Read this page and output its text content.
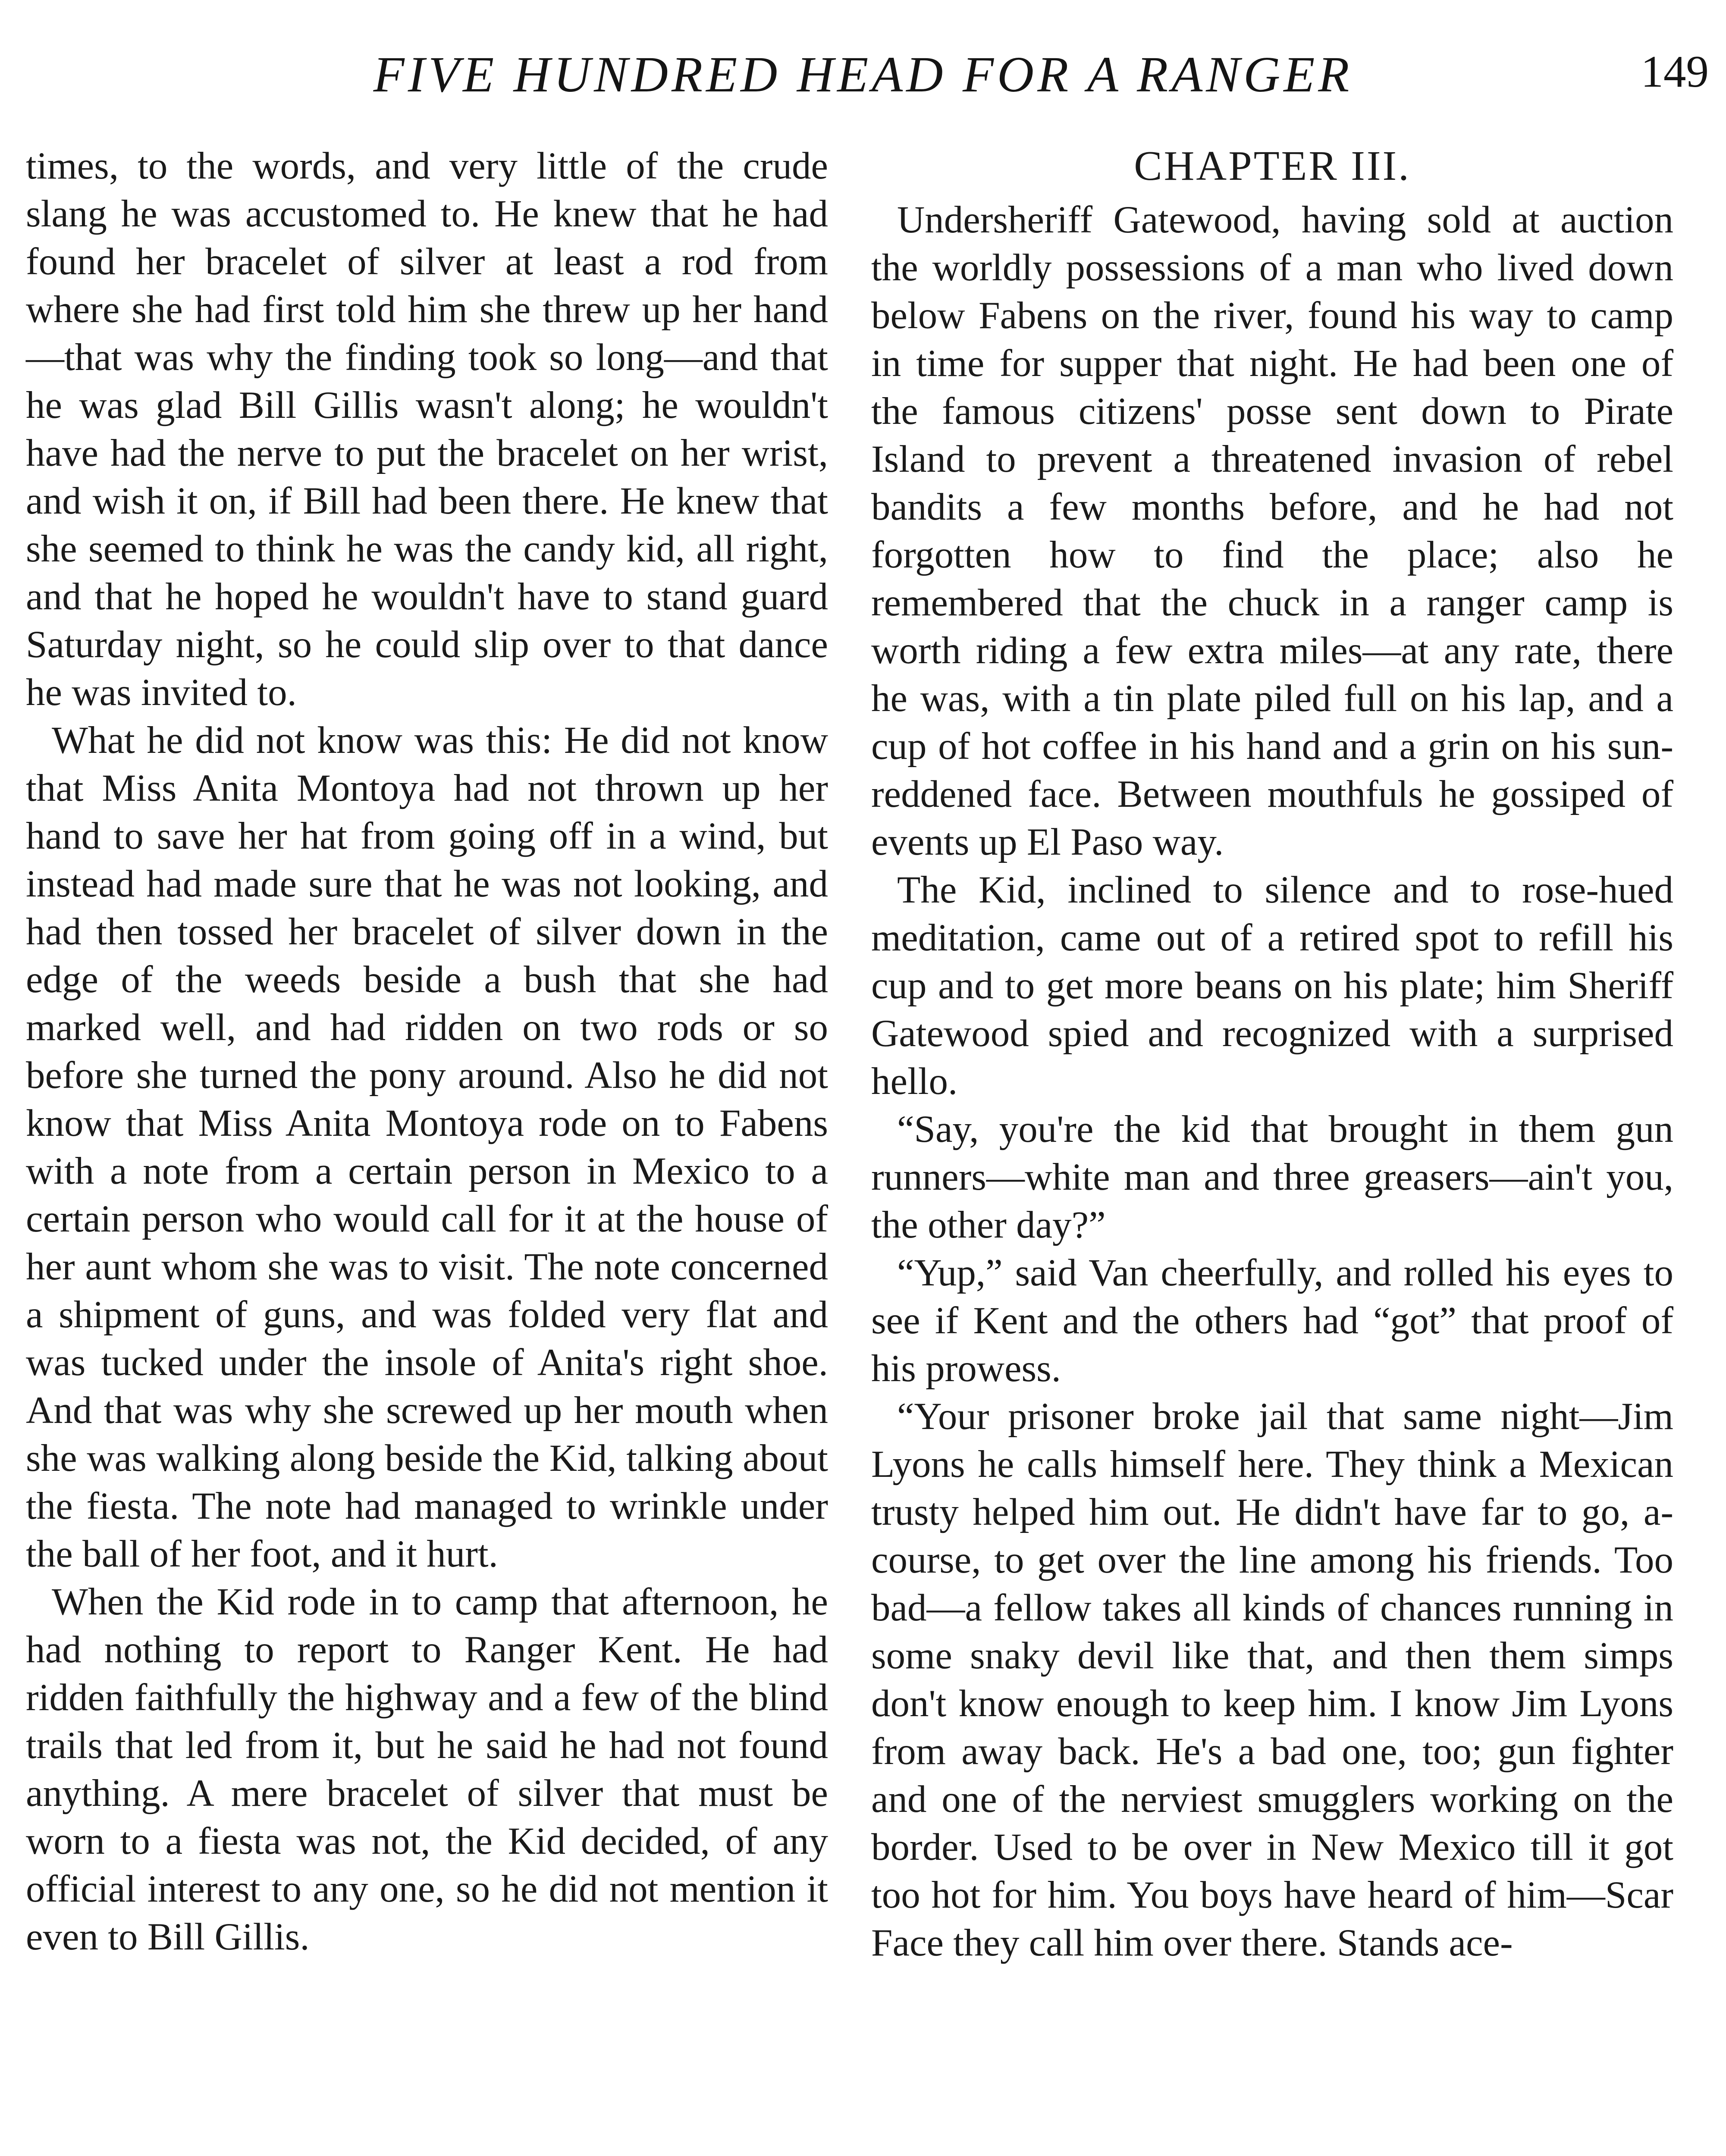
FIVE HUNDRED HEAD FOR A RANGER	149

times, to the words, and very little of the crude slang he was accustomed to. He knew that he had found her bracelet of silver at least a rod from where she had first told him she threw up her hand—that was why the finding took so long—and that he was glad Bill Gillis wasn't along; he wouldn't have had the nerve to put the bracelet on her wrist, and wish it on, if Bill had been there. He knew that she seemed to think he was the candy kid, all right, and that he hoped he wouldn't have to stand guard Saturday night, so he could slip over to that dance he was invited to.

What he did not know was this: He did not know that Miss Anita Montoya had not thrown up her hand to save her hat from going off in a wind, but instead had made sure that he was not looking, and had then tossed her bracelet of silver down in the edge of the weeds beside a bush that she had marked well, and had ridden on two rods or so before she turned the pony around. Also he did not know that Miss Anita Montoya rode on to Fabens with a note from a certain person in Mexico to a certain person who would call for it at the house of her aunt whom she was to visit. The note concerned a shipment of guns, and was folded very flat and was tucked under the insole of Anita's right shoe. And that was why she screwed up her mouth when she was walking along beside the Kid, talking about the fiesta. The note had managed to wrinkle under the ball of her foot, and it hurt.

When the Kid rode in to camp that afternoon, he had nothing to report to Ranger Kent. He had ridden faithfully the highway and a few of the blind trails that led from it, but he said he had not found anything. A mere bracelet of silver that must be worn to a fiesta was not, the Kid decided, of any official interest to any one, so he did not mention it even to Bill Gillis.

CHAPTER III.

Undersheriff Gatewood, having sold at auction the worldly possessions of a man who lived down below Fabens on the river, found his way to camp in time for supper that night. He had been one of the famous citizens' posse sent down to Pirate Island to prevent a threatened invasion of rebel bandits a few months before, and he had not forgotten how to find the place; also he remembered that the chuck in a ranger camp is worth riding a few extra miles—at any rate, there he was, with a tin plate piled full on his lap, and a cup of hot coffee in his hand and a grin on his sun-reddened face. Between mouthfuls he gossiped of events up El Paso way.

The Kid, inclined to silence and to rose-hued meditation, came out of a retired spot to refill his cup and to get more beans on his plate; him Sheriff Gatewood spied and recognized with a surprised hello.

“Say, you're the kid that brought in them gun runners—white man and three greasers—ain't you, the other day?”

“Yup,” said Van cheerfully, and rolled his eyes to see if Kent and the others had “got” that proof of his prowess.

“Your prisoner broke jail that same night—Jim Lyons he calls himself here. They think a Mexican trusty helped him out. He didn't have far to go, a-course, to get over the line among his friends. Too bad—a fellow takes all kinds of chances running in some snaky devil like that, and then them simps don't know enough to keep him. I know Jim Lyons from away back. He's a bad one, too; gun fighter and one of the nerviest smugglers working on the border. Used to be over in New Mexico till it got too hot for him. You boys have heard of him—Scar Face they call him over there. Stands ace-
